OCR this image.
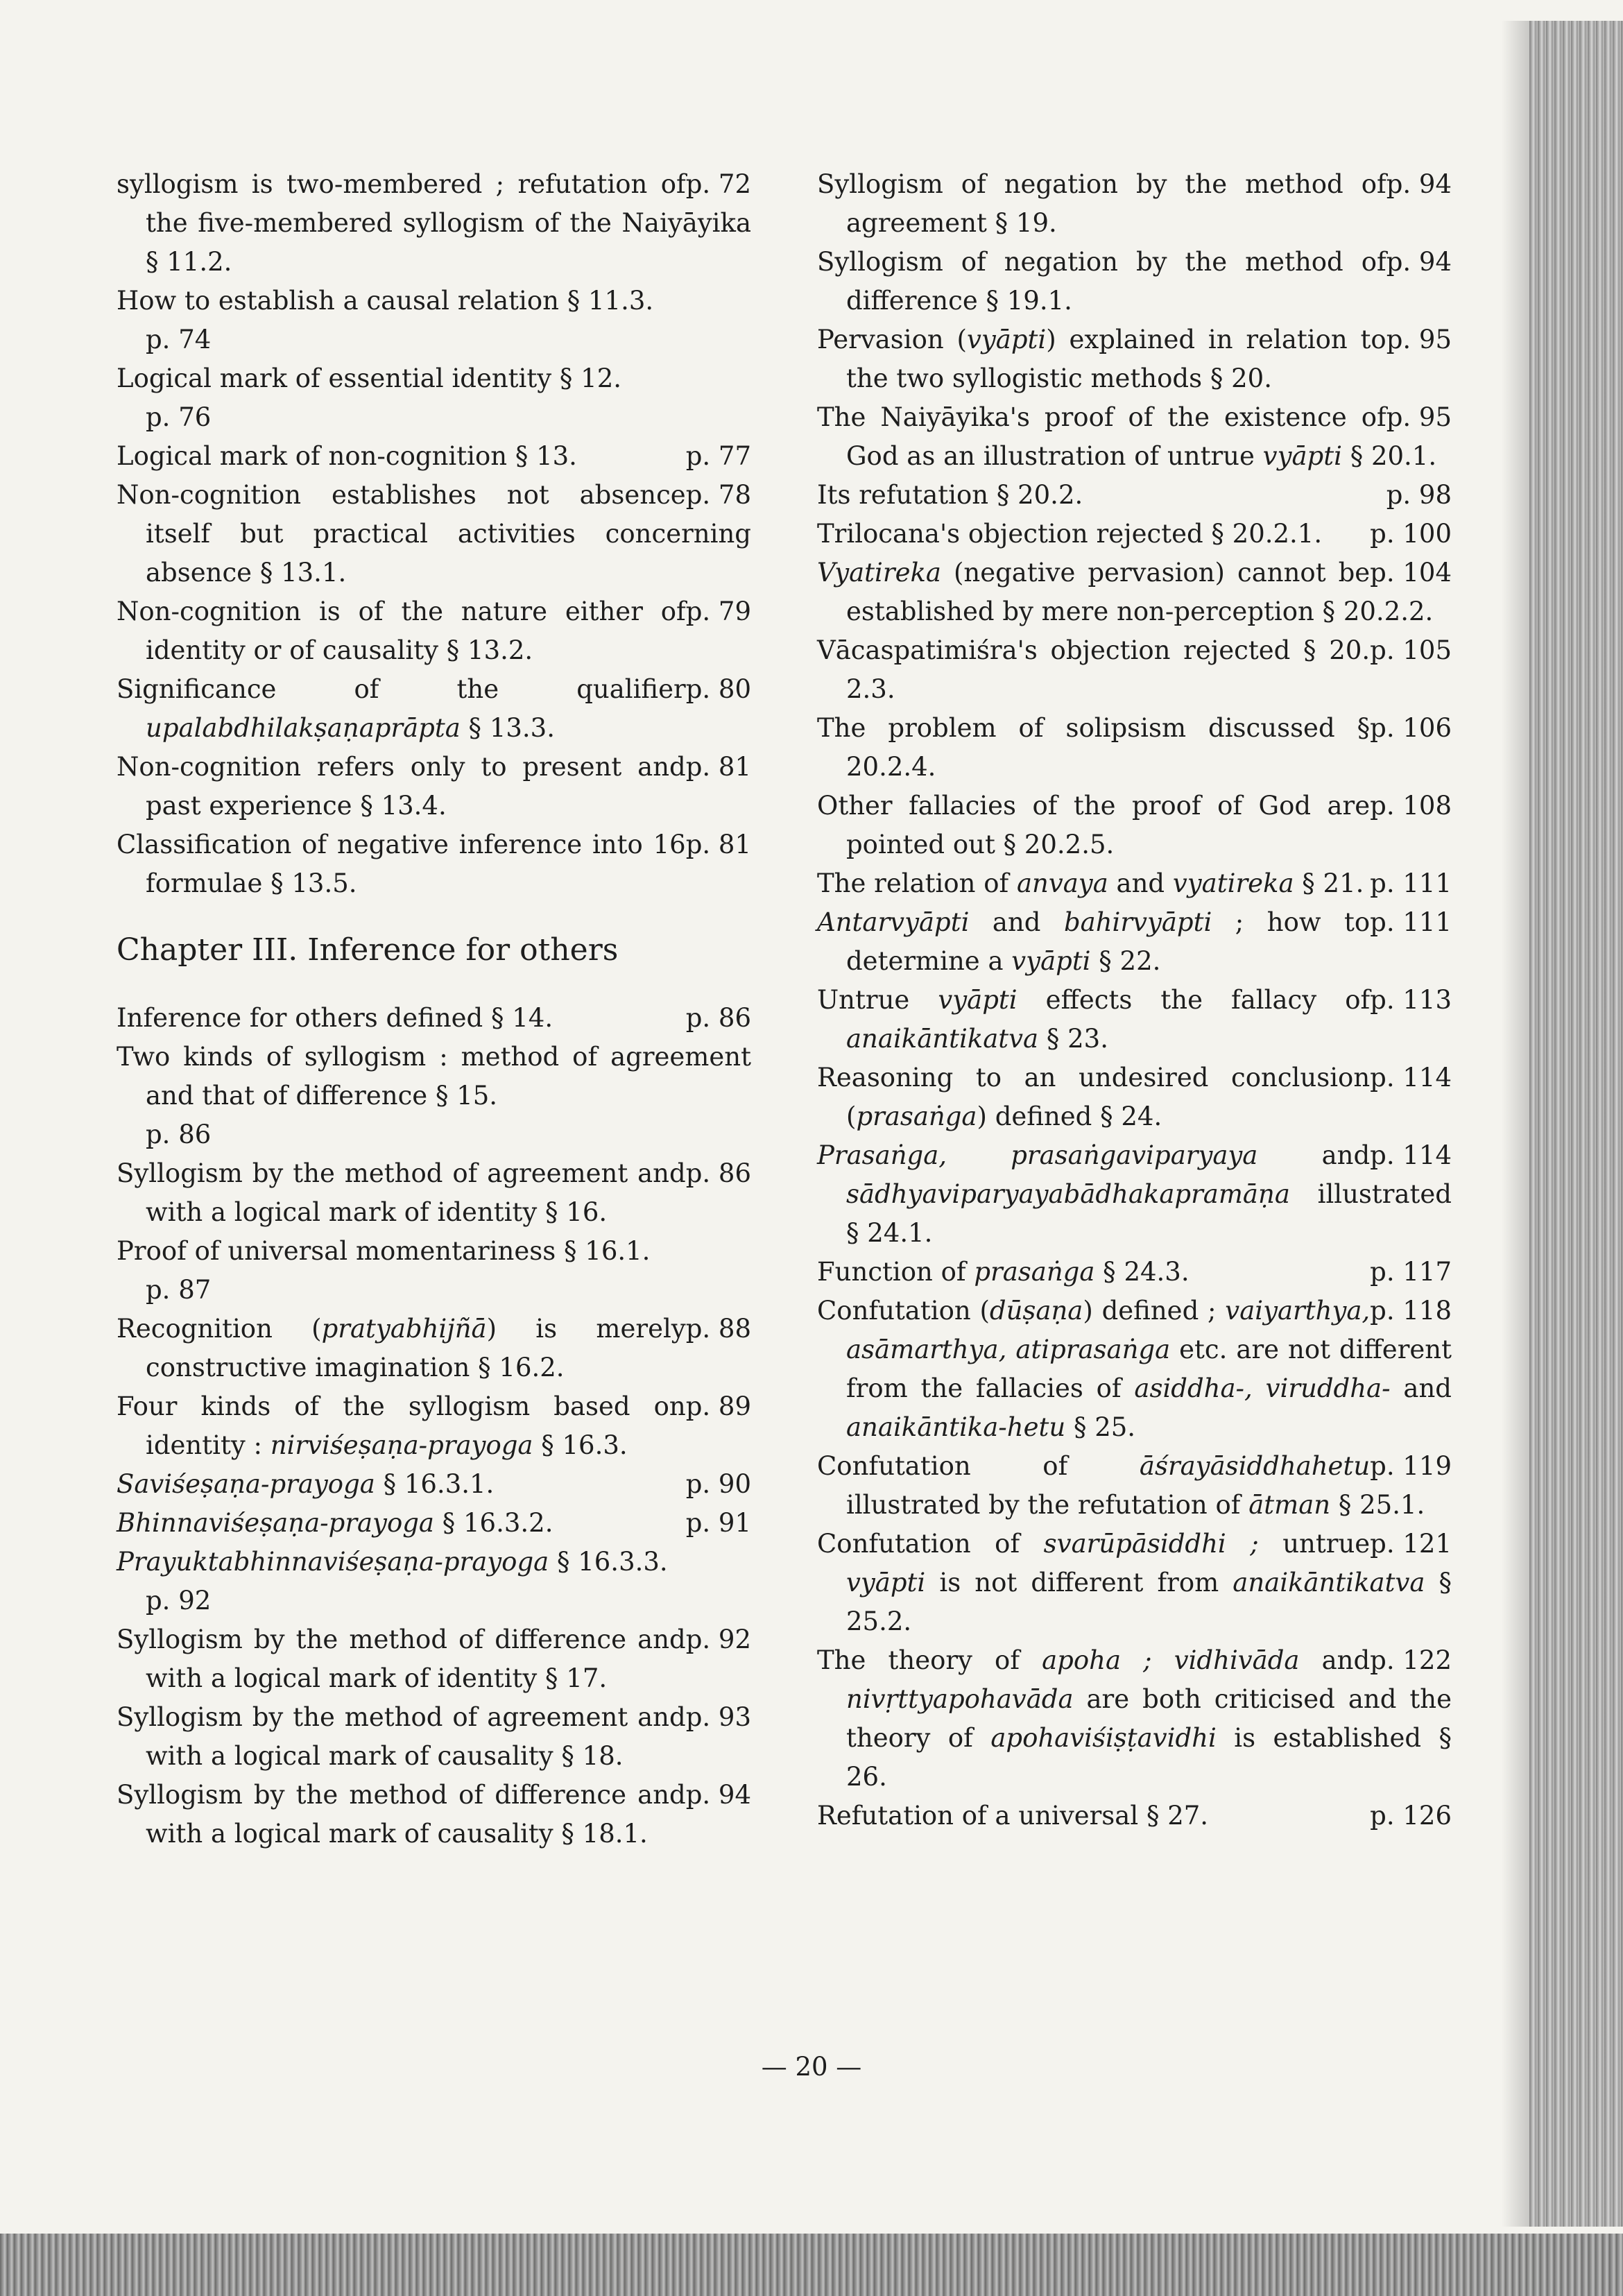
p. 72
syllogism is two-membered ; refutation of the five-membered syllogism of the Naiyāyika § 11.2.
How to establish a causal relation § 11.3.
p. 74
Logical mark of essential identity § 12.
p. 76
p. 77
Logical mark of non-cognition § 13.
p. 78
Non-cognition establishes not absence itself but practical activities concerning absence § 13.1.
p. 79
Non-cognition is of the nature either of identity or of causality § 13.2.
p. 80
Significance of the qualifier upalabdhilakṣaṇaprāpta § 13.3.
p. 81
Non-cognition refers only to present and past experience § 13.4.
p. 81
Classification of negative inference into 16 formulae § 13.5.
Chapter III. Inference for others
p. 86
Inference for others defined § 14.
Two kinds of syllogism : method of agreement and that of difference § 15.
p. 86
p. 86
Syllogism by the method of agreement and with a logical mark of identity § 16.
Proof of universal momentariness § 16.1.
p. 87
p. 88
Recognition (pratyabhijñā) is merely constructive imagination § 16.2.
p. 89
Four kinds of the syllogism based on identity : nirviśeṣaṇa-prayoga § 16.3.
p. 90
Saviśeṣaṇa-prayoga § 16.3.1.
p. 91
Bhinnaviśeṣaṇa-prayoga § 16.3.2.
Prayuktabhinnaviśeṣaṇa-prayoga § 16.3.3.
p. 92
p. 92
Syllogism by the method of difference and with a logical mark of identity § 17.
p. 93
Syllogism by the method of agreement and with a logical mark of causality § 18.
p. 94
Syllogism by the method of difference and with a logical mark of causality § 18.1.
p. 94
Syllogism of negation by the method of agreement § 19.
p. 94
Syllogism of negation by the method of difference § 19.1.
p. 95
Pervasion (vyāpti) explained in relation to the two syllogistic methods § 20.
p. 95
The Naiyāyika's proof of the existence of God as an illustration of untrue vyāpti § 20.1.
p. 98
Its refutation § 20.2.
p. 100
Trilocana's objection rejected § 20.2.1.
p. 104
Vyatireka (negative pervasion) cannot be established by mere non-perception § 20.2.2.
p. 105
Vācaspatimiśra's objection rejected § 20. 2.3.
p. 106
The problem of solipsism discussed § 20.2.4.
p. 108
Other fallacies of the proof of God are pointed out § 20.2.5.
p. 111
The relation of anvaya and vyatireka § 21.
p. 111
Antarvyāpti and bahirvyāpti ; how to determine a vyāpti § 22.
p. 113
Untrue vyāpti effects the fallacy of anaikāntikatva § 23.
p. 114
Reasoning to an undesired conclusion (prasaṅga) defined § 24.
p. 114
Prasaṅga, prasaṅgaviparyaya and sādhyaviparyayabādhakapramāṇa illustrated § 24.1.
p. 117
Function of prasaṅga § 24.3.
p. 118
Confutation (dūṣaṇa) defined ; vaiyarthya, asāmarthya, atiprasaṅga etc. are not different from the fallacies of asiddha-, viruddha- and anaikāntika-hetu § 25.
p. 119
Confutation of āśrayāsiddhahetu illustrated by the refutation of ātman § 25.1.
p. 121
Confutation of svarūpāsiddhi ; untrue vyāpti is not different from anaikāntikatva § 25.2.
p. 122
The theory of apoha ; vidhivāda and nivṛttyapohavāda are both criticised and the theory of apohaviśiṣṭavidhi is established § 26.
p. 126
Refutation of a universal § 27.
— 20 —
